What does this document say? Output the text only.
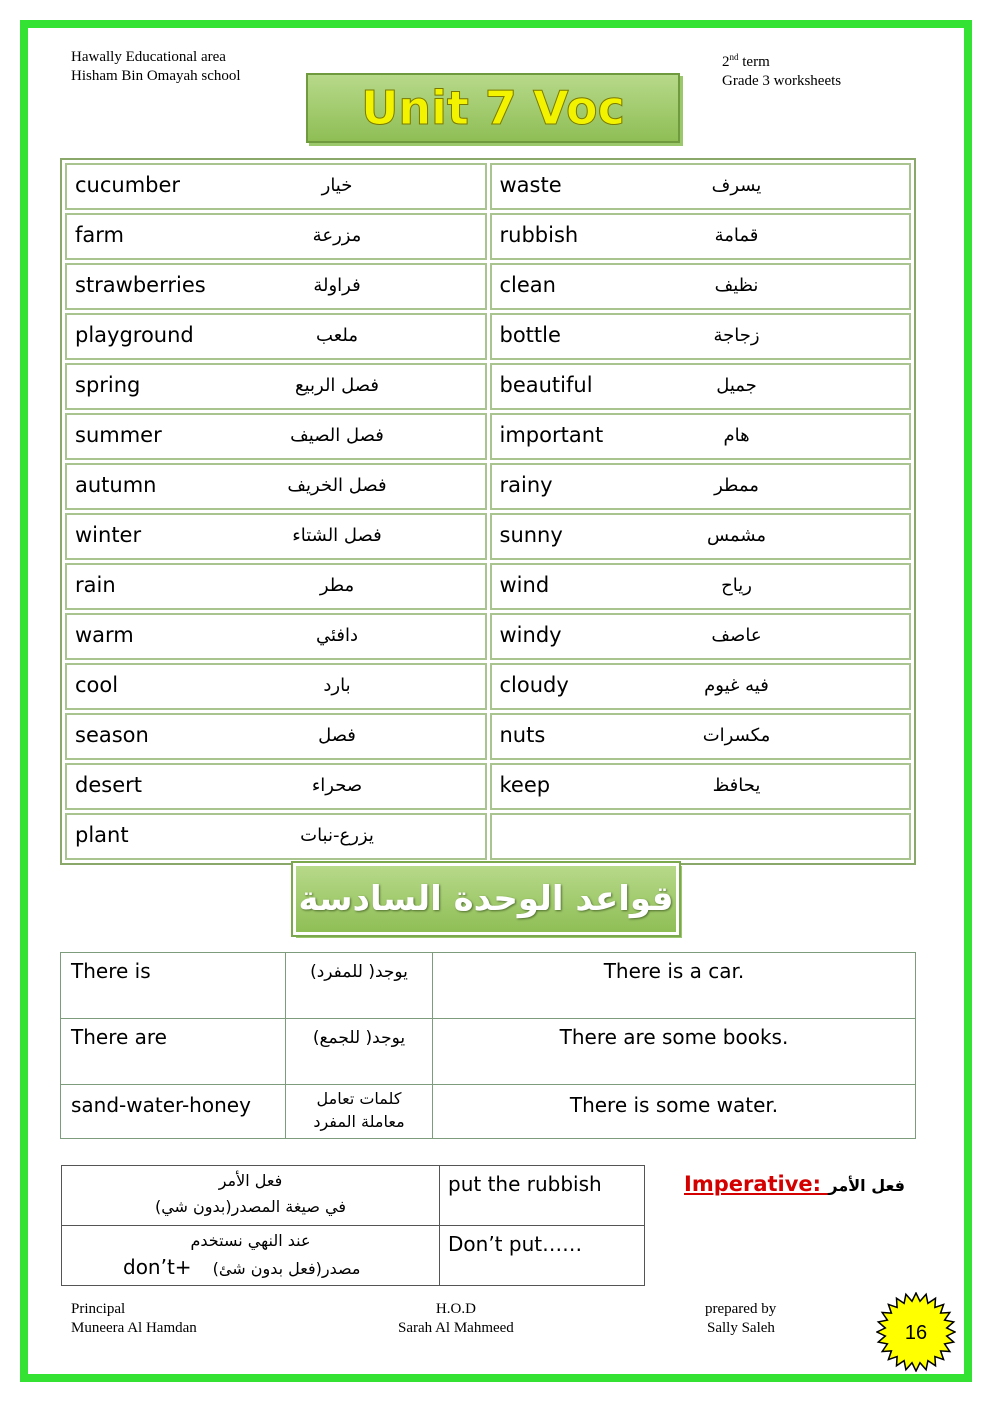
Hawally Educational area
Hisham Bin Omayah school
2nd term
Grade 3 worksheets
Unit 7 Voc
cucumber خيار	waste يسرف

farm مزرعة	rubbish قمامة

strawberries فراولة	clean نظيف

playground ملعب	bottle زجاجة

spring فصل الربيع	beautiful جميل

summer فصل الصيف	important هام

autumn فصل الخريف	rainy ممطر

winter فصل الشتاء	sunny مشمس

rain مطر	wind رياح

warm دافئي	windy عاصف

cool بارد	cloudy فيه غيوم

season فصل	nuts مكسرات

desert صحراء	keep يحافظ

plant يزرع-نبات	

قواعد الوحدة السادسة
There is	يوجد( للمفرد)	There is a car.
There are	يوجد( للجمع)	There are some books.
sand-water-honey	كلمات تعامل
معاملة المفرد	There is some water.
فعل الأمر
في صيغة المصدر(بدون شي)	put the rubbish

عند النهي نستخدم
don’t+ مصدر(فعل بدون شئ)	Don’t put……
Imperative: فعل الأمر
Principal
Muneera Al Hamdan
H.O.D
Sarah Al Mahmeed
prepared by
Sally Saleh	16
